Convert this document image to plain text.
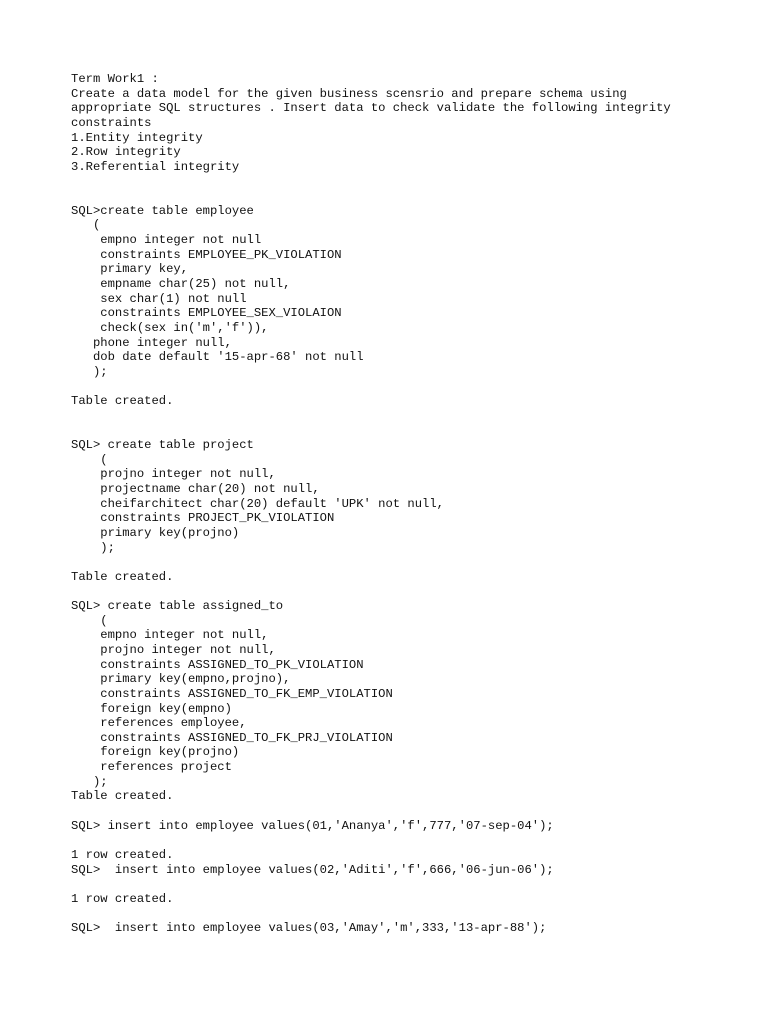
Term Work1 :
Create a data model for the given business scensrio and prepare schema using
appropriate SQL structures . Insert data to check validate the following integrity
constraints
1.Entity integrity
2.Row integrity
3.Referential integrity
SQL>create table employee
(
empno integer not null
constraints EMPLOYEE_PK_VIOLATION
primary key,
empname char(25) not null,
sex char(1) not null
constraints EMPLOYEE_SEX_VIOLAION
check(sex in('m','f')),
phone integer null,
dob date default '15-apr-68' not null
);
Table created.
SQL> create table project
(
projno integer not null,
projectname char(20) not null,
cheifarchitect char(20) default 'UPK' not null,
constraints PROJECT_PK_VIOLATION
primary key(projno)
);
Table created.
SQL> create table assigned_to
(
empno integer not null,
projno integer not null,
constraints ASSIGNED_TO_PK_VIOLATION
primary key(empno,projno),
constraints ASSIGNED_TO_FK_EMP_VIOLATION
foreign key(empno)
references employee,
constraints ASSIGNED_TO_FK_PRJ_VIOLATION
foreign key(projno)
references project
);
Table created.
SQL> insert into employee values(01,'Ananya','f',777,'07-sep-04');
1 row created.
SQL>  insert into employee values(02,'Aditi','f',666,'06-jun-06');
1 row created.
SQL>  insert into employee values(03,'Amay','m',333,'13-apr-88');
